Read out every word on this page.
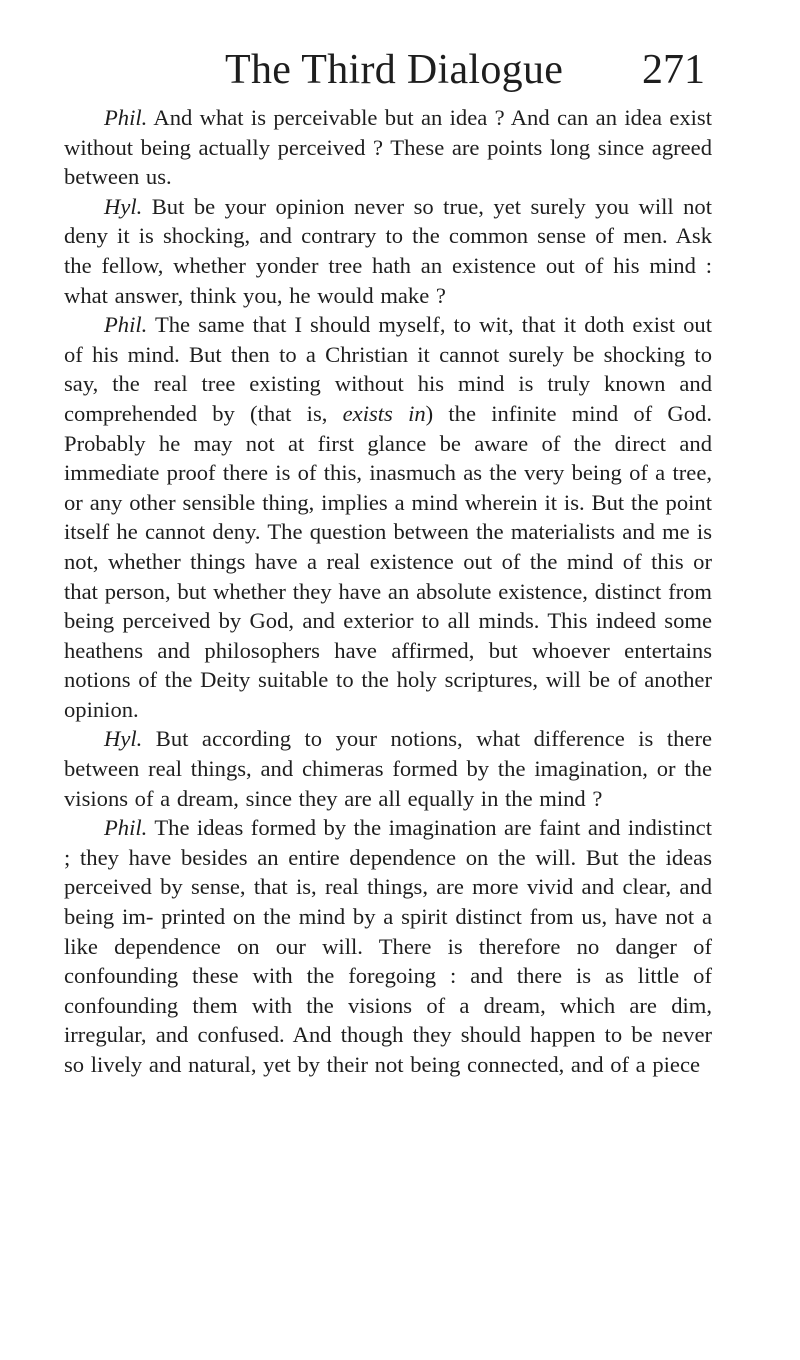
The Third Dialogue 271

Phil. And what is perceivable but an idea ? And can an idea exist without being actually perceived ? These are points long since agreed between us.

Hyl. But be your opinion never so true, yet surely you will not deny it is shocking, and contrary to the common sense of men. Ask the fellow, whether yonder tree hath an existence out of his mind : what answer, think you, he would make ?

Phil. The same that I should myself, to wit, that it doth exist out of his mind. But then to a Christian it cannot surely be shocking to say, the real tree existing without his mind is truly known and comprehended by (that is, exists in) the infinite mind of God. Probably he may not at first glance be aware of the direct and immediate proof there is of this, inasmuch as the very being of a tree, or any other sensible thing, implies a mind wherein it is. But the point itself he cannot deny. The question between the materialists and me is not, whether things have a real existence out of the mind of this or that person, but whether they have an absolute existence, distinct from being perceived by God, and exterior to all minds. This indeed some heathens and philosophers have affirmed, but whoever entertains notions of the Deity suitable to the holy scriptures, will be of another opinion.

Hyl. But according to your notions, what difference is there between real things, and chimeras formed by the imagination, or the visions of a dream, since they are all equally in the mind ?

Phil. The ideas formed by the imagination are faint and indistinct ; they have besides an entire dependence on the will. But the ideas perceived by sense, that is, real things, are more vivid and clear, and being im- printed on the mind by a spirit distinct from us, have not a like dependence on our will. There is therefore no danger of confounding these with the foregoing : and there is as little of confounding them with the visions of a dream, which are dim, irregular, and confused. And though they should happen to be never so lively and natural, yet by their not being connected, and of a piece
